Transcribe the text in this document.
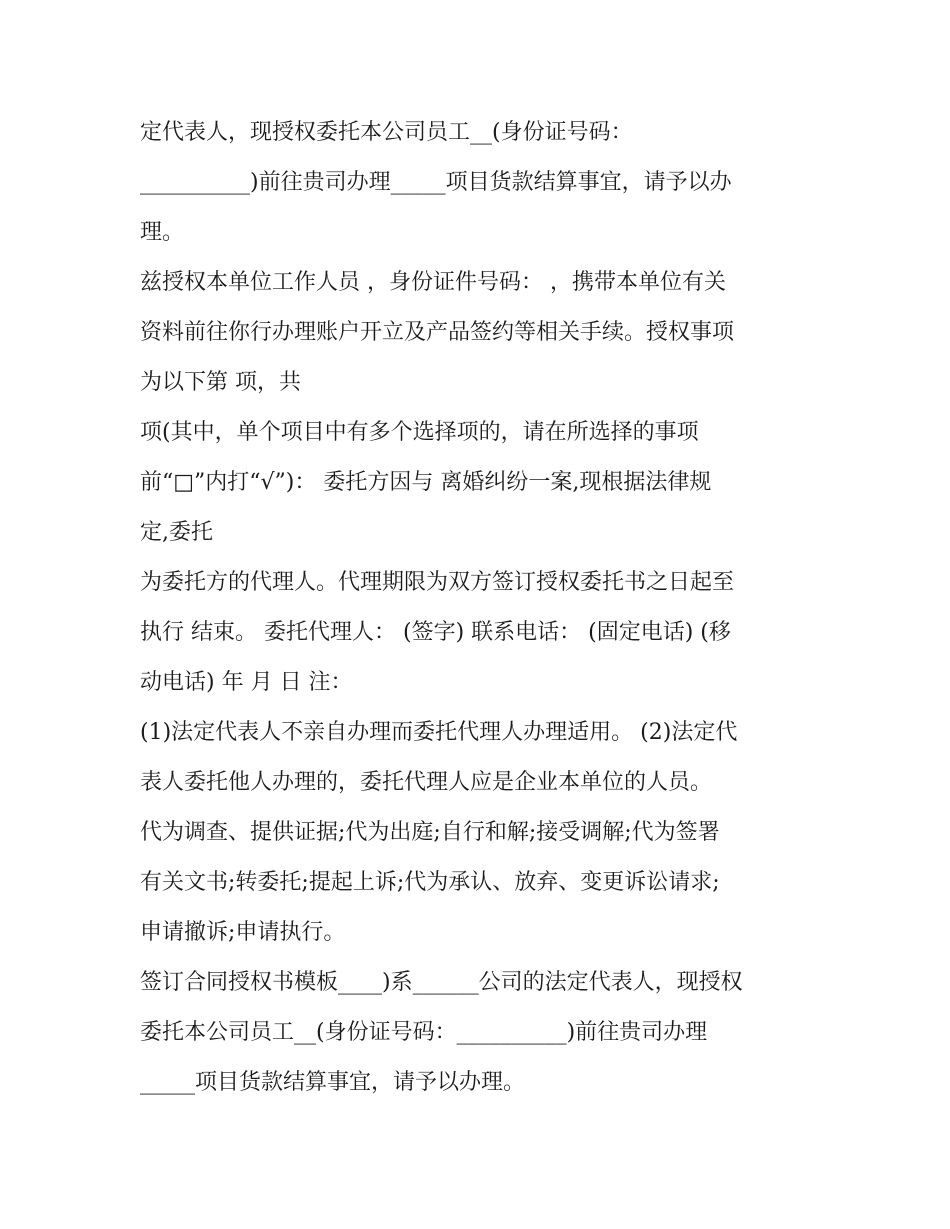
定代表人，现授权委托本公司员工__(身份证号码：
__________)前往贵司办理_____项目货款结算事宜，请予以办
理。
兹授权本单位工作人员 ，身份证件号码： ，携带本单位有关
资料前往你行办理账户开立及产品签约等相关手续。授权事项
为以下第 项，共
项(其中，单个项目中有多个选择项的，请在所选择的事项
前“□”内打“√”)： 委托方因与 离婚纠纷一案,现根据法律规
定,委托
为委托方的代理人。代理期限为双方签订授权委托书之日起至
执行 结束。 委托代理人： (签字) 联系电话： (固定电话) (移
动电话) 年 月 日 注：
(1)法定代表人不亲自办理而委托代理人办理适用。 (2)法定代
表人委托他人办理的，委托代理人应是企业本单位的人员。
代为调查、提供证据;代为出庭;自行和解;接受调解;代为签署
有关文书;转委托;提起上诉;代为承认、放弃、变更诉讼请求;
申请撤诉;申请执行。
签订合同授权书模板____)系______公司的法定代表人，现授权
委托本公司员工__(身份证号码：__________)前往贵司办理
_____项目货款结算事宜，请予以办理。
